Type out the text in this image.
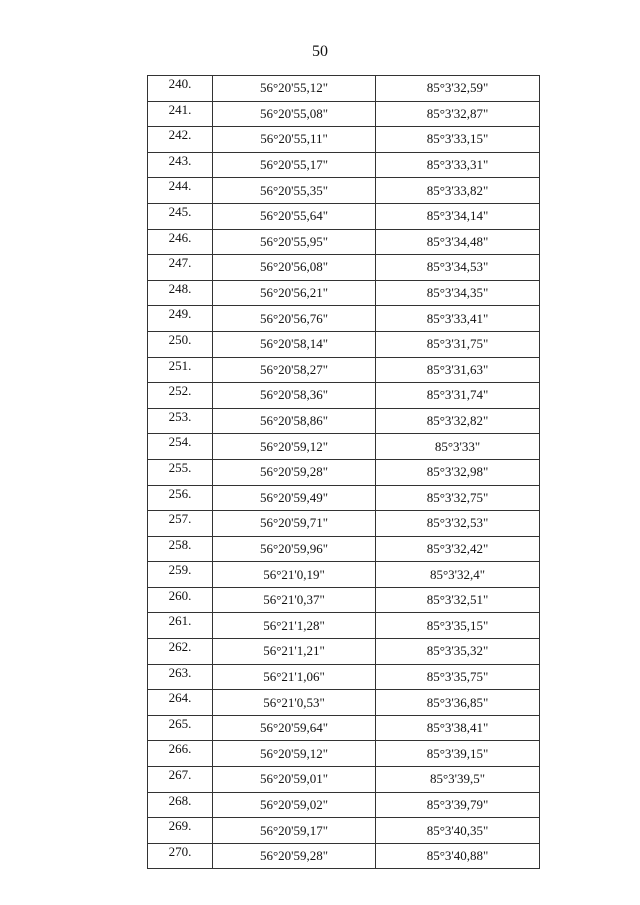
50
240.	56°20'55,12"	85°3'32,59"
241.	56°20'55,08"	85°3'32,87"
242.	56°20'55,11"	85°3'33,15"
243.	56°20'55,17"	85°3'33,31"
244.	56°20'55,35"	85°3'33,82"
245.	56°20'55,64"	85°3'34,14"
246.	56°20'55,95"	85°3'34,48"
247.	56°20'56,08"	85°3'34,53"
248.	56°20'56,21"	85°3'34,35"
249.	56°20'56,76"	85°3'33,41"
250.	56°20'58,14"	85°3'31,75"
251.	56°20'58,27"	85°3'31,63"
252.	56°20'58,36"	85°3'31,74"
253.	56°20'58,86"	85°3'32,82"
254.	56°20'59,12"	85°3'33"
255.	56°20'59,28"	85°3'32,98"
256.	56°20'59,49"	85°3'32,75"
257.	56°20'59,71"	85°3'32,53"
258.	56°20'59,96"	85°3'32,42"
259.	56°21'0,19"	85°3'32,4"
260.	56°21'0,37"	85°3'32,51"
261.	56°21'1,28"	85°3'35,15"
262.	56°21'1,21"	85°3'35,32"
263.	56°21'1,06"	85°3'35,75"
264.	56°21'0,53"	85°3'36,85"
265.	56°20'59,64"	85°3'38,41"
266.	56°20'59,12"	85°3'39,15"
267.	56°20'59,01"	85°3'39,5"
268.	56°20'59,02"	85°3'39,79"
269.	56°20'59,17"	85°3'40,35"
270.	56°20'59,28"	85°3'40,88"
